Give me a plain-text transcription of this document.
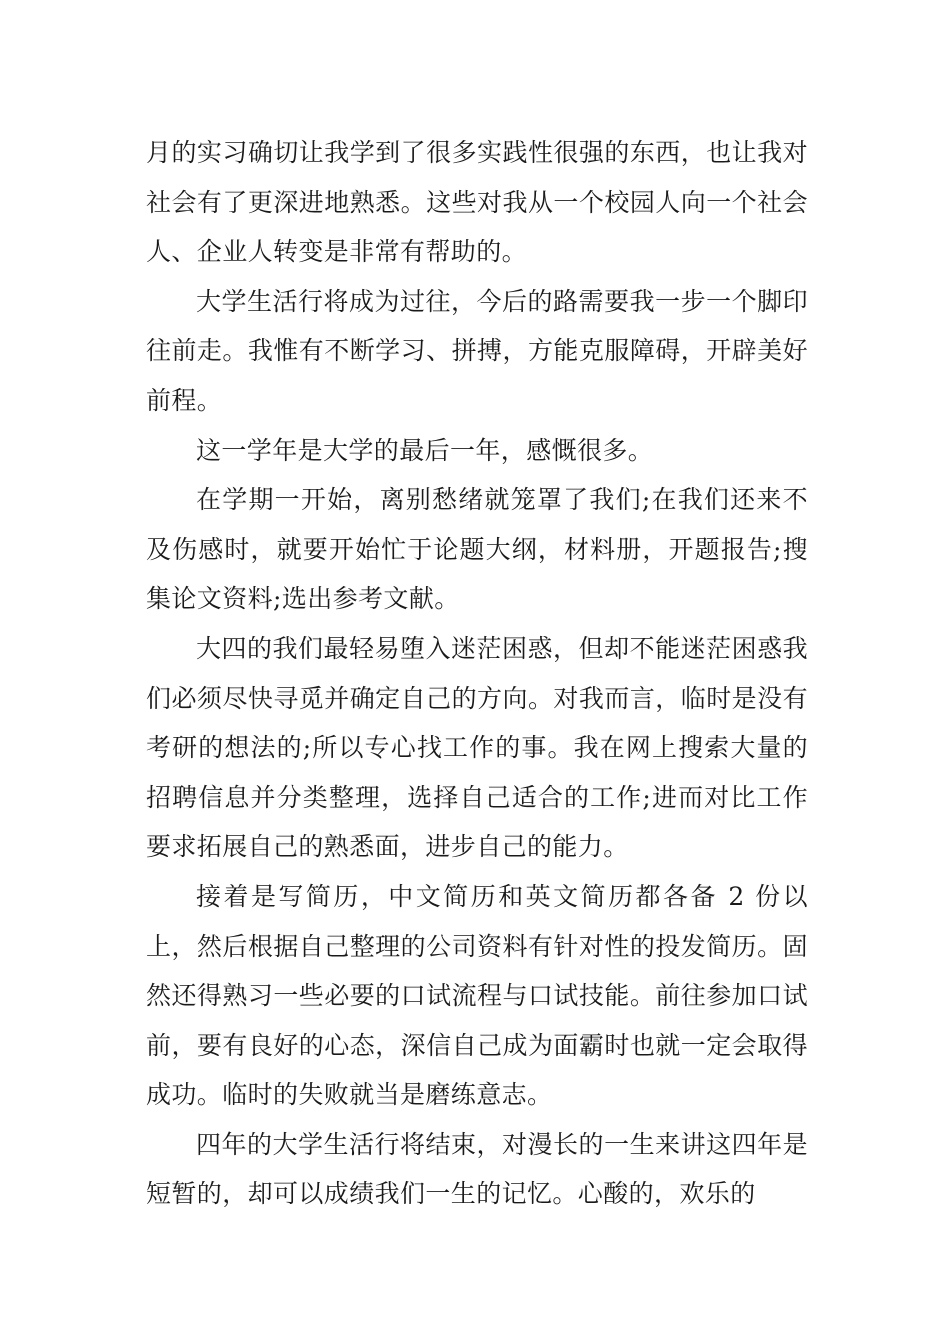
月的实习确切让我学到了很多实践性很强的东西，也让我对社会有了更深进地熟悉。这些对我从一个校园人向一个社会人、企业人转变是非常有帮助的。

大学生活行将成为过往，今后的路需要我一步一个脚印往前走。我惟有不断学习、拼搏，方能克服障碍，开辟美好前程。

这一学年是大学的最后一年，感慨很多。

在学期一开始，离别愁绪就笼罩了我们;在我们还来不及伤感时，就要开始忙于论题大纲，材料册，开题报告;搜集论文资料;选出参考文献。

大四的我们最轻易堕入迷茫困惑，但却不能迷茫困惑我们必须尽快寻觅并确定自己的方向。对我而言，临时是没有考研的想法的;所以专心找工作的事。我在网上搜索大量的招聘信息并分类整理，选择自己适合的工作;进而对比工作要求拓展自己的熟悉面，进步自己的能力。

接着是写简历，中文简历和英文简历都各备 2 份以上，然后根据自己整理的公司资料有针对性的投发简历。固然还得熟习一些必要的口试流程与口试技能。前往参加口试前，要有良好的心态，深信自己成为面霸时也就一定会取得成功。临时的失败就当是磨练意志。

四年的大学生活行将结束，对漫长的一生来讲这四年是短暂的，却可以成绩我们一生的记忆。心酸的，欢乐的
